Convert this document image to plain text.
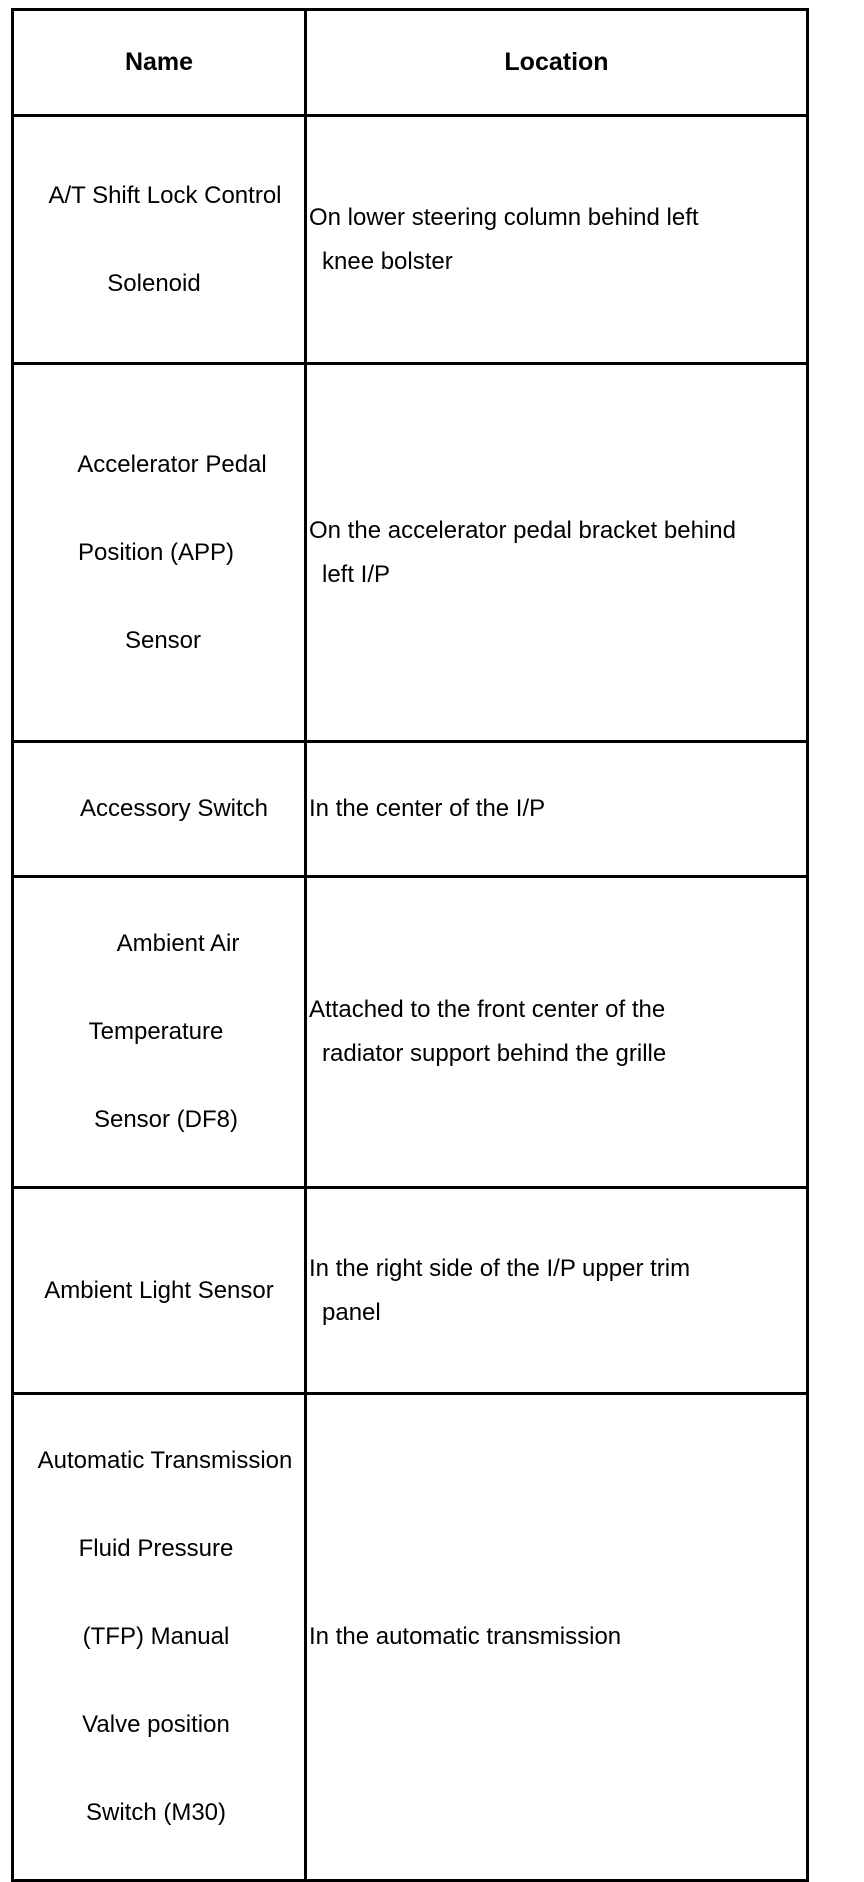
Name	Location

A/T Shift Lock Control

Solenoid	On lower steering column behind left
knee bolster

Accelerator Pedal

Position (APP)

Sensor	On the accelerator pedal bracket behind
left I/P

Accessory Switch	In the center of the I/P

Ambient Air

Temperature

Sensor (DF8)	Attached to the front center of the
radiator support behind the grille

Ambient Light Sensor	In the right side of the I/P upper trim
panel

Automatic Transmission

Fluid Pressure

(TFP) Manual

Valve position

Switch (M30)	In the automatic transmission
